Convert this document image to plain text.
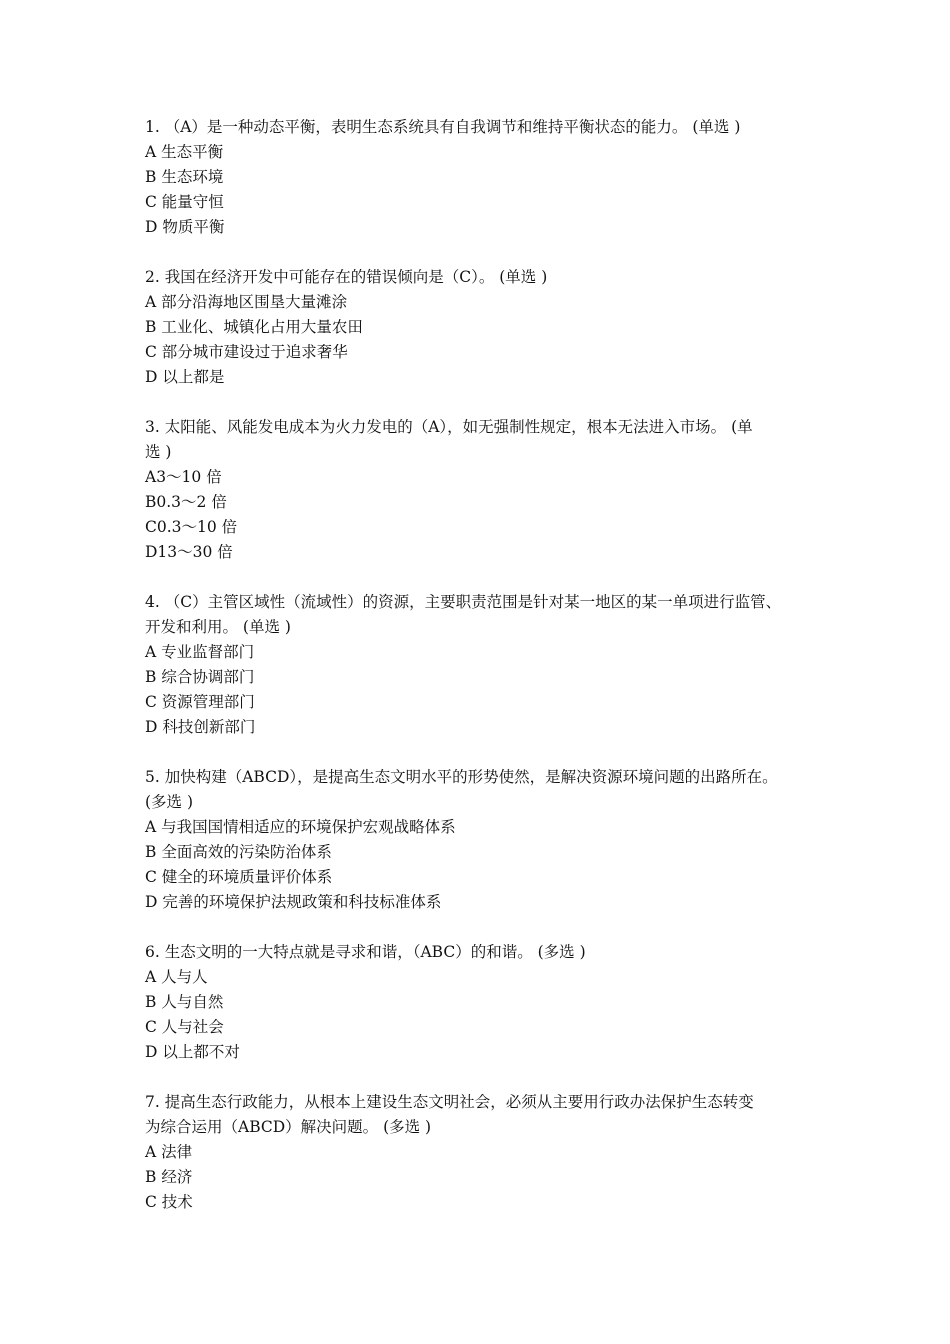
1. （A）是一种动态平衡，表明生态系统具有自我调节和维持平衡状态的能力。 (单选 )
A 生态平衡
B 生态环境
C 能量守恒
D 物质平衡
2. 我国在经济开发中可能存在的错误倾向是（C）。 (单选 )
A 部分沿海地区围垦大量滩涂
B 工业化、城镇化占用大量农田
C 部分城市建设过于追求奢华
D 以上都是
3. 太阳能、风能发电成本为火力发电的（A），如无强制性规定，根本无法进入市场。 (单
选 )
A3～10 倍
B0.3～2 倍
C0.3～10 倍
D13～30 倍
4. （C）主管区域性（流域性）的资源，主要职责范围是针对某一地区的某一单项进行监管、
开发和利用。 (单选 )
A 专业监督部门
B 综合协调部门
C 资源管理部门
D 科技创新部门
5. 加快构建（ABCD），是提高生态文明水平的形势使然，是解决资源环境问题的出路所在。
(多选 )
A 与我国国情相适应的环境保护宏观战略体系
B 全面高效的污染防治体系
C 健全的环境质量评价体系
D 完善的环境保护法规政策和科技标准体系
6. 生态文明的一大特点就是寻求和谐，（ABC）的和谐。 (多选 )
A 人与人
B 人与自然
C 人与社会
D 以上都不对
7. 提高生态行政能力，从根本上建设生态文明社会，必须从主要用行政办法保护生态转变
为综合运用（ABCD）解决问题。 (多选 )
A 法律
B 经济
C 技术
